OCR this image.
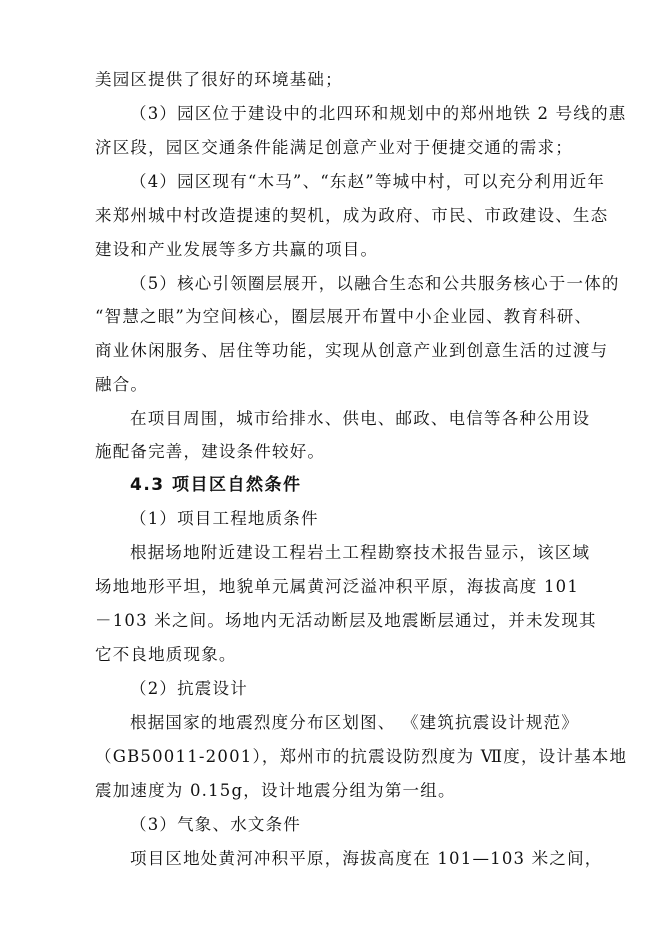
美园区提供了很好的环境基础；
（3）园区位于建设中的北四环和规划中的郑州地铁 2 号线的惠
济区段，园区交通条件能满足创意产业对于便捷交通的需求；
（4）园区现有“木马”、“东赵”等城中村，可以充分利用近年
来郑州城中村改造提速的契机，成为政府、市民、市政建设、生态
建设和产业发展等多方共赢的项目。
（5）核心引领圈层展开，以融合生态和公共服务核心于一体的
“智慧之眼”为空间核心，圈层展开布置中小企业园、教育科研、
商业休闲服务、居住等功能，实现从创意产业到创意生活的过渡与
融合。
在项目周围，城市给排水、供电、邮政、电信等各种公用设
施配备完善，建设条件较好。
4.3 项目区自然条件
（1）项目工程地质条件
根据场地附近建设工程岩土工程勘察技术报告显示，该区域
场地地形平坦，地貌单元属黄河泛溢冲积平原，海拔高度 101
－103 米之间。场地内无活动断层及地震断层通过，并未发现其
它不良地质现象。
（2）抗震设计
根据国家的地震烈度分布区划图、 《建筑抗震设计规范》
（GB50011-2001），郑州市的抗震设防烈度为 Ⅶ度，设计基本地
震加速度为 0.15g，设计地震分组为第一组。
（3）气象、水文条件
项目区地处黄河冲积平原，海拔高度在 101—103 米之间，
